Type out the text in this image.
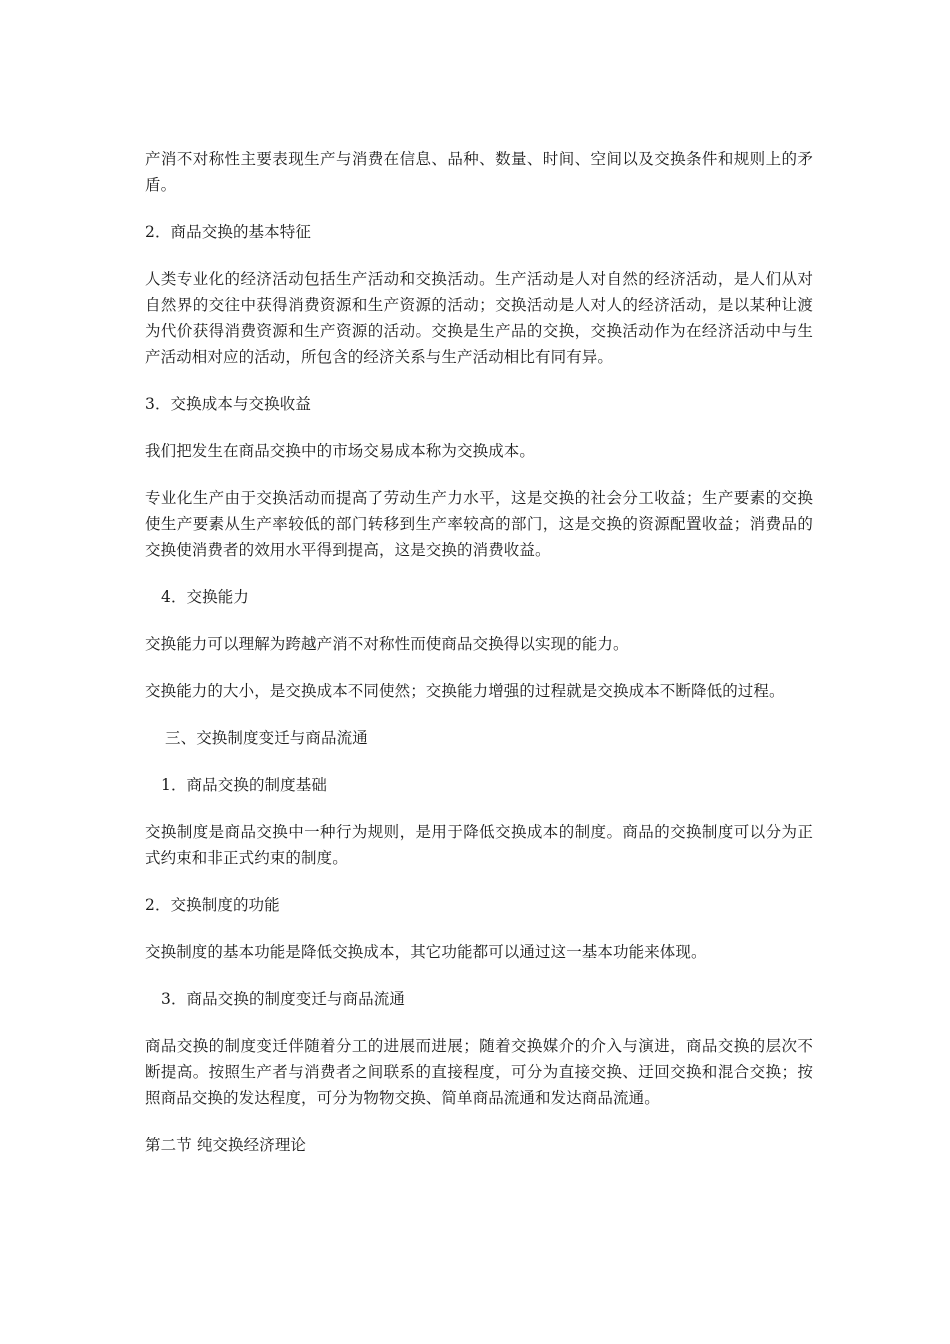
产消不对称性主要表现生产与消费在信息、品种、数量、时间、空间以及交换条件和规则上的矛盾。

2．商品交换的基本特征

人类专业化的经济活动包括生产活动和交换活动。生产活动是人对自然的经济活动，是人们从对自然界的交往中获得消费资源和生产资源的活动；交换活动是人对人的经济活动，是以某种让渡为代价获得消费资源和生产资源的活动。交换是生产品的交换，交换活动作为在经济活动中与生产活动相对应的活动，所包含的经济关系与生产活动相比有同有异。

3．交换成本与交换收益

我们把发生在商品交换中的市场交易成本称为交换成本。

专业化生产由于交换活动而提高了劳动生产力水平，这是交换的社会分工收益；生产要素的交换使生产要素从生产率较低的部门转移到生产率较高的部门，这是交换的资源配置收益；消费品的交换使消费者的效用水平得到提高，这是交换的消费收益。

4．交换能力

交换能力可以理解为跨越产消不对称性而使商品交换得以实现的能力。

交换能力的大小，是交换成本不同使然；交换能力增强的过程就是交换成本不断降低的过程。

三、交换制度变迁与商品流通

1．商品交换的制度基础

交换制度是商品交换中一种行为规则，是用于降低交换成本的制度。商品的交换制度可以分为正式约束和非正式约束的制度。

2．交换制度的功能

交换制度的基本功能是降低交换成本，其它功能都可以通过这一基本功能来体现。

3．商品交换的制度变迁与商品流通

商品交换的制度变迁伴随着分工的进展而进展；随着交换媒介的介入与演进，商品交换的层次不断提高。按照生产者与消费者之间联系的直接程度，可分为直接交换、迂回交换和混合交换；按照商品交换的发达程度，可分为物物交换、简单商品流通和发达商品流通。

第二节 纯交换经济理论
